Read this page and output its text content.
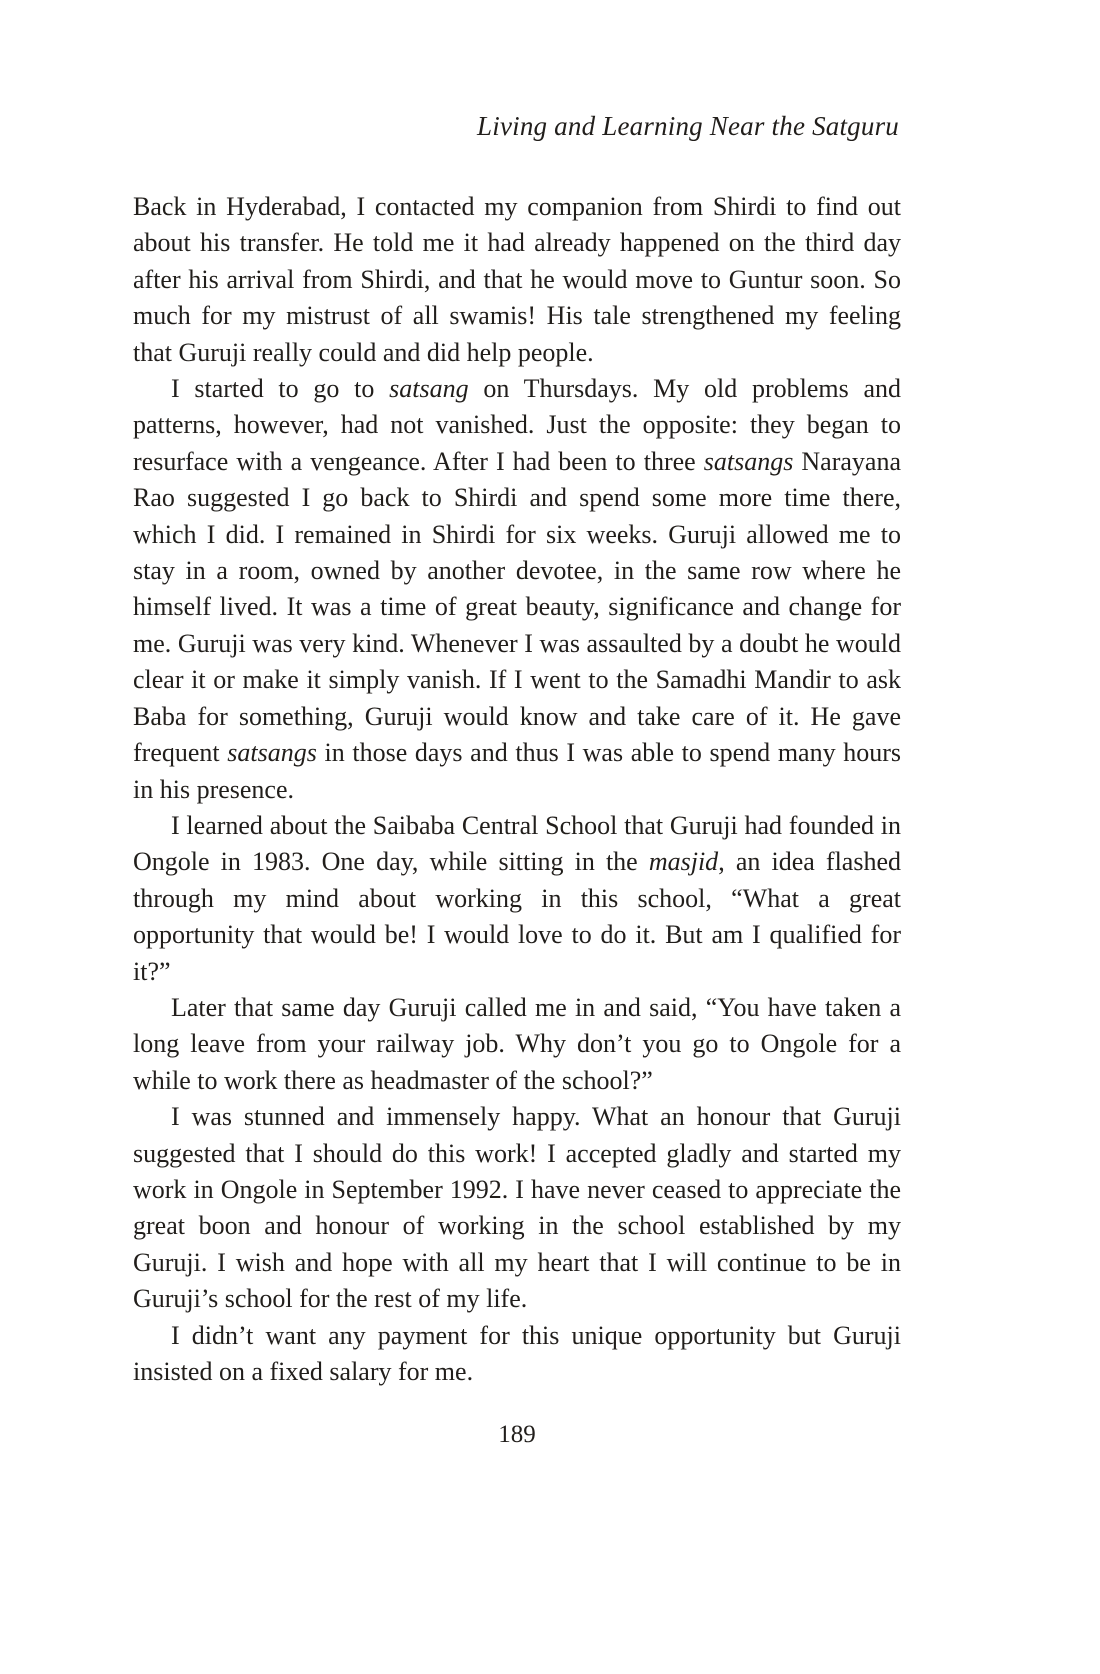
Living and Learning Near the Satguru

Back in Hyderabad, I contacted my companion from Shirdi to find out about his transfer. He told me it had already happened on the third day after his arrival from Shirdi, and that he would move to Guntur soon. So much for my mistrust of all swamis! His tale strengthened my feeling that Guruji really could and did help people.

I started to go to satsang on Thursdays. My old problems and patterns, however, had not vanished. Just the opposite: they began to resurface with a vengeance. After I had been to three satsangs Narayana Rao suggested I go back to Shirdi and spend some more time there, which I did. I remained in Shirdi for six weeks. Guruji allowed me to stay in a room, owned by another devotee, in the same row where he himself lived. It was a time of great beauty, significance and change for me. Guruji was very kind. Whenever I was assaulted by a doubt he would clear it or make it simply vanish. If I went to the Samadhi Mandir to ask Baba for something, Guruji would know and take care of it. He gave frequent satsangs in those days and thus I was able to spend many hours in his presence.

I learned about the Saibaba Central School that Guruji had founded in Ongole in 1983. One day, while sitting in the masjid, an idea flashed through my mind about working in this school, “What a great opportunity that would be! I would love to do it. But am I qualified for it?”

Later that same day Guruji called me in and said, “You have taken a long leave from your railway job. Why don’t you go to Ongole for a while to work there as headmaster of the school?”

I was stunned and immensely happy. What an honour that Guruji suggested that I should do this work! I accepted gladly and started my work in Ongole in September 1992. I have never ceased to appreciate the great boon and honour of working in the school established by my Guruji. I wish and hope with all my heart that I will continue to be in Guruji’s school for the rest of my life.

I didn’t want any payment for this unique opportunity but Guruji insisted on a fixed salary for me.

189
